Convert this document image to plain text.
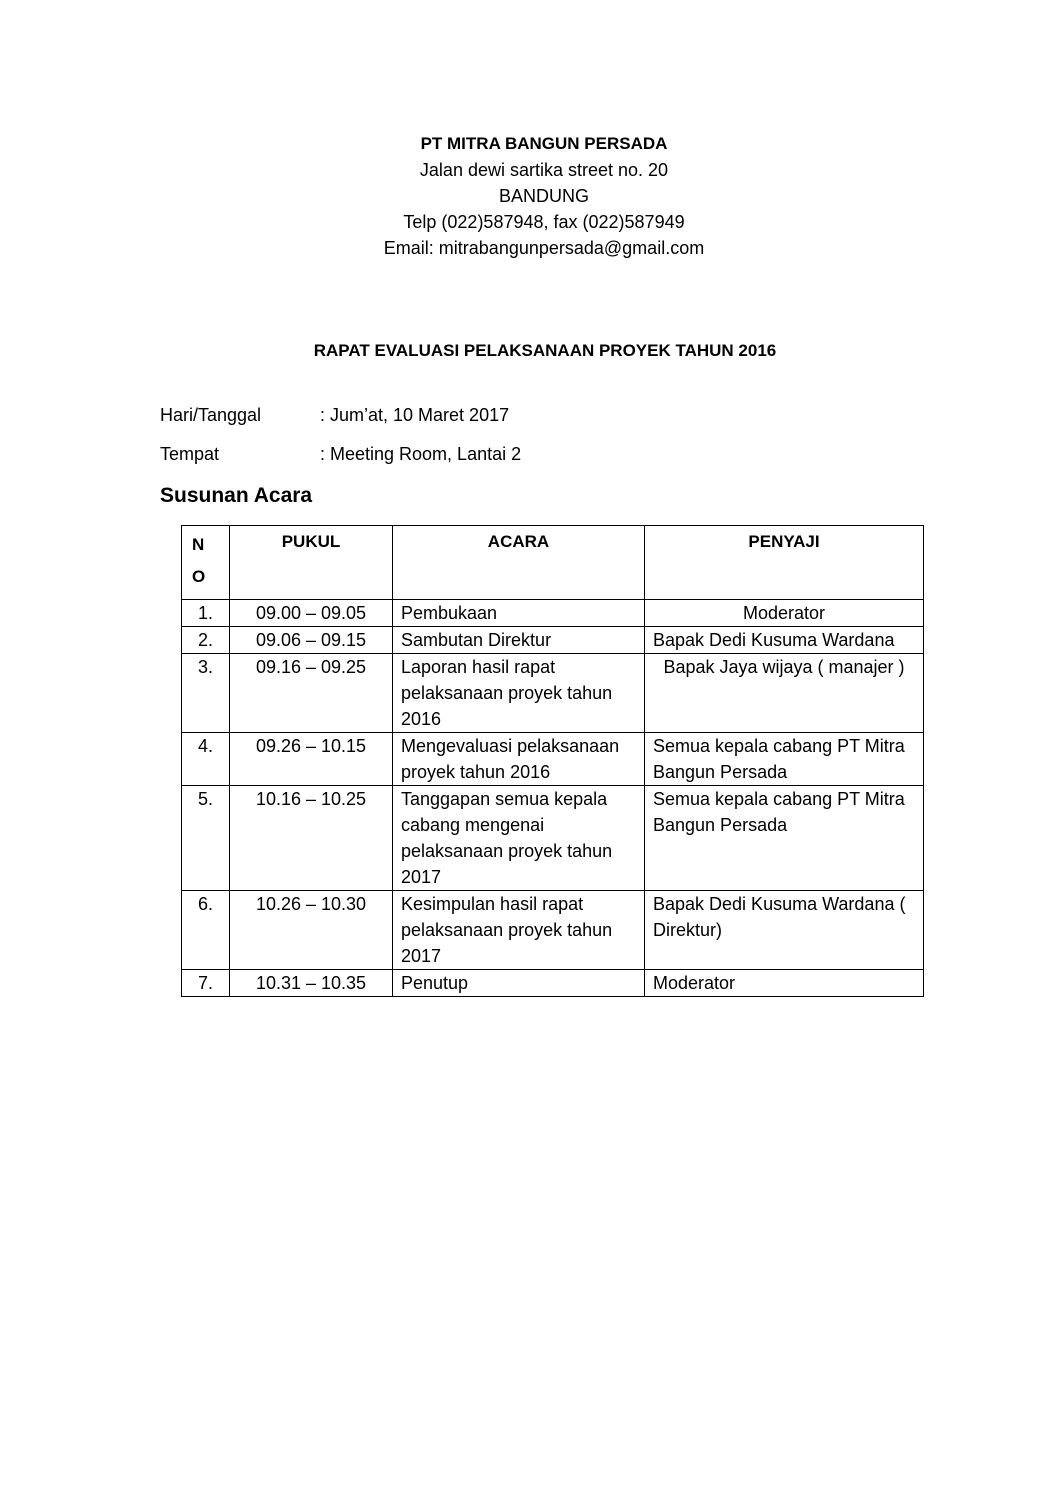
PT MITRA BANGUN PERSADA
Jalan dewi sartika street no. 20
BANDUNG
Telp (022)587948, fax (022)587949
Email: mitrabangunpersada@gmail.com
RAPAT EVALUASI PELAKSANAAN PROYEK TAHUN 2016
Hari/Tanggal	: Jum’at, 10 Maret 2017
Tempat	: Meeting Room, Lantai 2
Susunan Acara
N
O	PUKUL	ACARA	PENYAJI
1.	09.00 – 09.05	Pembukaan	Moderator
2.	09.06 – 09.15	Sambutan Direktur	Bapak Dedi Kusuma Wardana
3.	09.16 – 09.25	Laporan hasil rapat pelaksanaan proyek tahun 2016	Bapak Jaya wijaya ( manajer )
4.	09.26 – 10.15	Mengevaluasi pelaksanaan proyek tahun 2016	Semua kepala cabang PT Mitra Bangun Persada
5.	10.16 – 10.25	Tanggapan semua kepala cabang mengenai pelaksanaan proyek tahun 2017	Semua kepala cabang PT Mitra Bangun Persada
6.	10.26 – 10.30	Kesimpulan hasil rapat pelaksanaan proyek tahun 2017	Bapak Dedi Kusuma Wardana ( Direktur)
7.	10.31 – 10.35	Penutup	Moderator
